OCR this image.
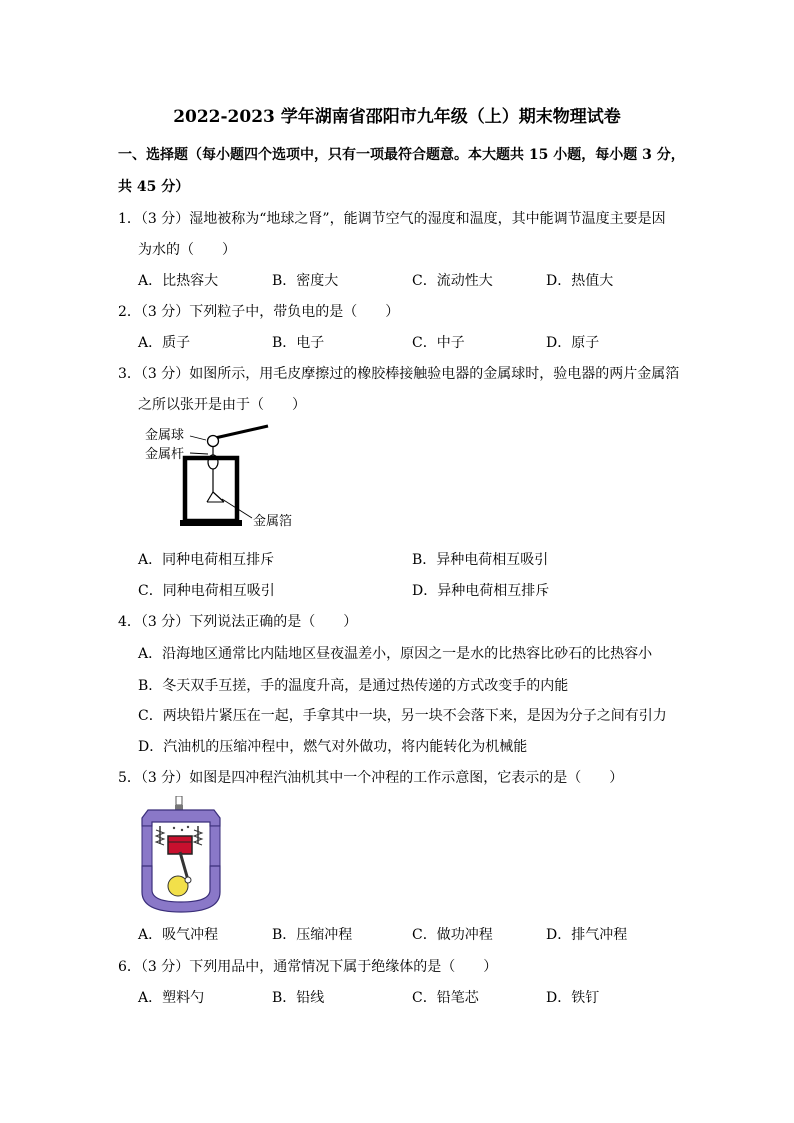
2022-2023 学年湖南省邵阳市九年级（上）期末物理试卷
一、选择题（每小题四个选项中，只有一项最符合题意。本大题共 15 小题，每小题 3 分，
共 45 分）
1．（3 分）湿地被称为“地球之肾”，能调节空气的湿度和温度，其中能调节温度主要是因
为水的（　　）
A．比热容大	B．密度大	C．流动性大	D．热值大
2．（3 分）下列粒子中，带负电的是（　　）
A．质子	B．电子	C．中子	D．原子
3．（3 分）如图所示，用毛皮摩擦过的橡胶棒接触验电器的金属球时，验电器的两片金属箔
之所以张开是由于（　　）
金属球
金属杆
金属箔
A．同种电荷相互排斥	B．异种电荷相互吸引
C．同种电荷相互吸引	D．异种电荷相互排斥
4．（3 分）下列说法正确的是（　　）
A．沿海地区通常比内陆地区昼夜温差小，原因之一是水的比热容比砂石的比热容小
B．冬天双手互搓，手的温度升高，是通过热传递的方式改变手的内能
C．两块铅片紧压在一起，手拿其中一块，另一块不会落下来，是因为分子之间有引力
D．汽油机的压缩冲程中，燃气对外做功，将内能转化为机械能
5．（3 分）如图是四冲程汽油机其中一个冲程的工作示意图，它表示的是（　　）
A．吸气冲程	B．压缩冲程	C．做功冲程	D．排气冲程
6．（3 分）下列用品中，通常情况下属于绝缘体的是（　　）
A．塑料勺	B．铅线	C．铅笔芯	D．铁钉
